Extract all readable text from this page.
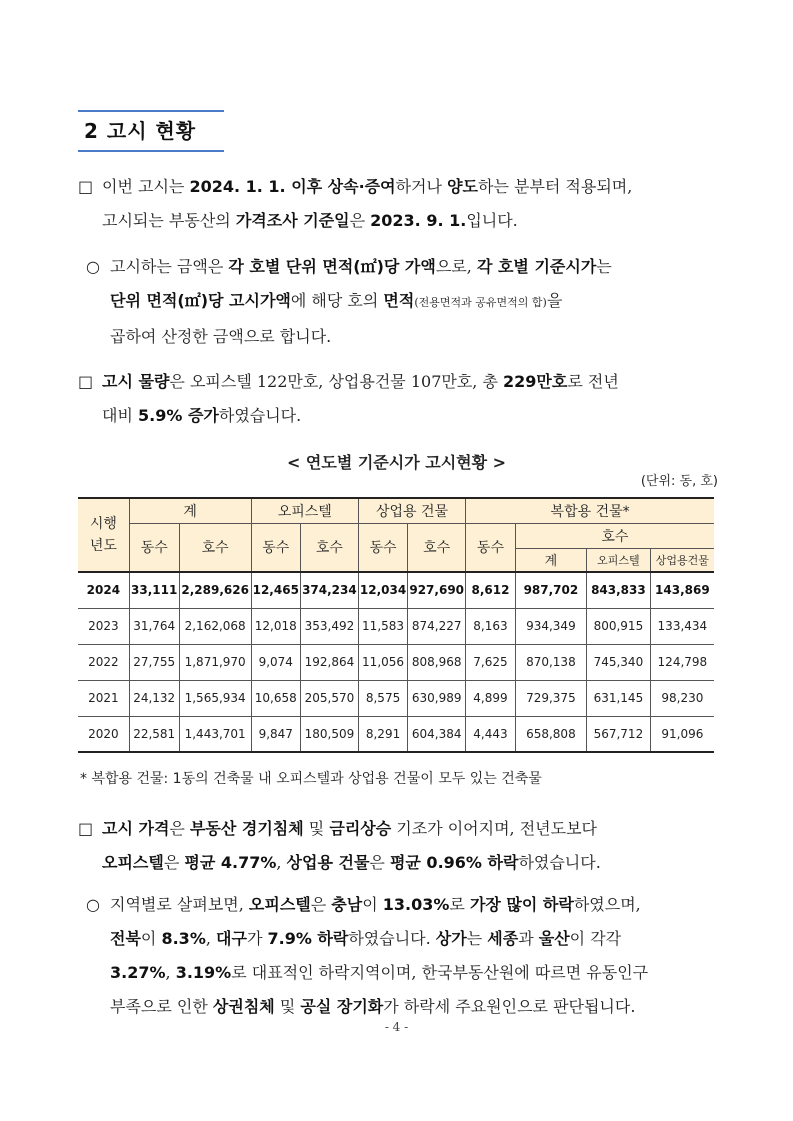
2 고시 현황
□ 이번 고시는 2024. 1. 1. 이후 상속·증여하거나 양도하는 분부터 적용되며,
고시되는 부동산의 가격조사 기준일은 2023. 9. 1.입니다.
○ 고시하는 금액은 각 호별 단위 면적(㎡)당 가액으로, 각 호별 기준시가는
단위 면적(㎡)당 고시가액에 해당 호의 면적(전용면적과 공유면적의 합)을
곱하여 산정한 금액으로 합니다.
□ 고시 물량은 오피스텔 122만호, 상업용건물 107만호, 총 229만호로 전년
대비 5.9% 증가하였습니다.
< 연도별 기준시가 고시현황 >
(단위: 동, 호)
시행
년도	계		오피스텔		상업용 건물		복합용 건물*			
	동수	호수	동수	호수	동수	호수	동수	호수		
								계	오피스텔	상업용건물
2024	33,111	2,289,626	12,465	374,234	12,034	927,690	8,612	987,702	843,833	143,869
2023	31,764	2,162,068	12,018	353,492	11,583	874,227	8,163	934,349	800,915	133,434
2022	27,755	1,871,970	9,074	192,864	11,056	808,968	7,625	870,138	745,340	124,798
2021	24,132	1,565,934	10,658	205,570	8,575	630,989	4,899	729,375	631,145	98,230
2020	22,581	1,443,701	9,847	180,509	8,291	604,384	4,443	658,808	567,712	91,096
* 복합용 건물: 1동의 건축물 내 오피스텔과 상업용 건물이 모두 있는 건축물
□ 고시 가격은 부동산 경기침체 및 금리상승 기조가 이어지며, 전년도보다
오피스텔은 평균 4.77%, 상업용 건물은 평균 0.96% 하락하였습니다.
○ 지역별로 살펴보면, 오피스텔은 충남이 13.03%로 가장 많이 하락하였으며,
전북이 8.3%, 대구가 7.9% 하락하였습니다. 상가는 세종과 울산이 각각
3.27%, 3.19%로 대표적인 하락지역이며, 한국부동산원에 따르면 유동인구
부족으로 인한 상권침체 및 공실 장기화가 하락세 주요원인으로 판단됩니다.
- 4 -
